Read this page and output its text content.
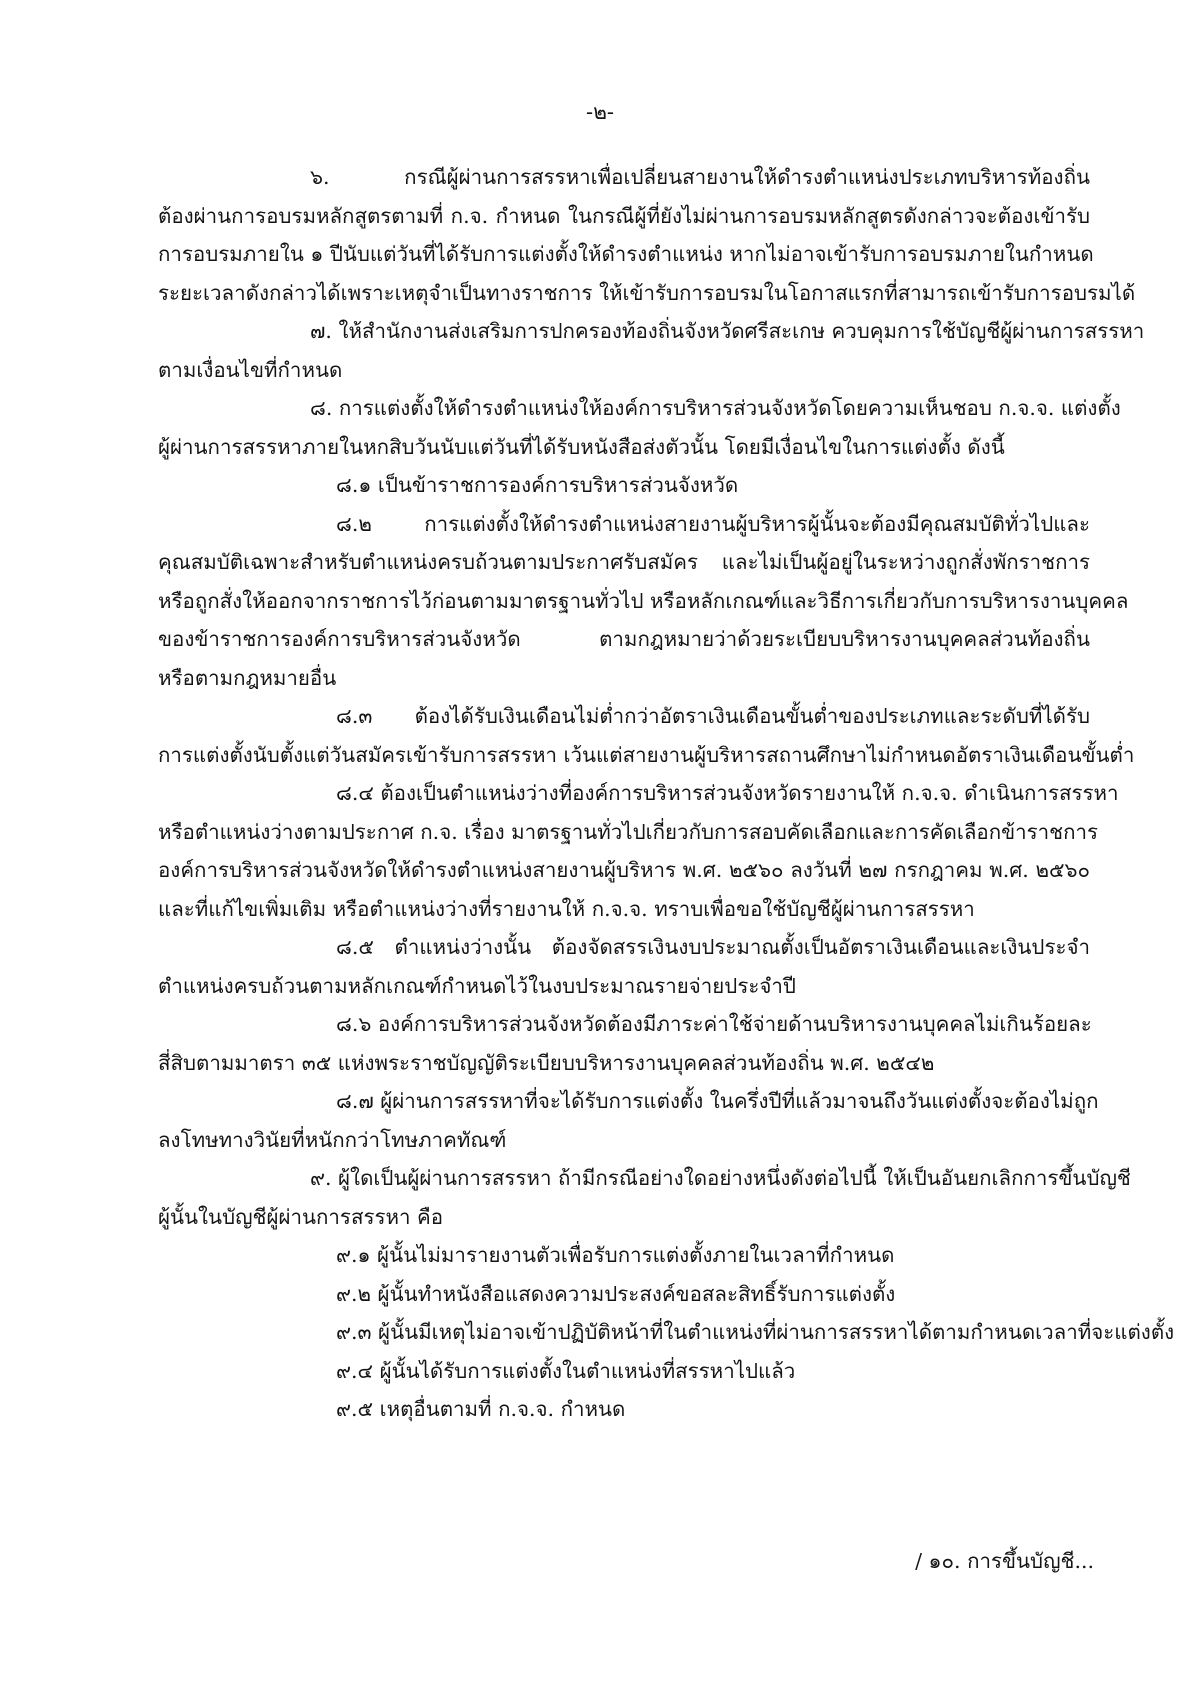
-๒-
๖. กรณีผู้ผ่านการสรรหาเพื่อเปลี่ยนสายงานให้ดำรงตำแหน่งประเภทบริหารท้องถิ่น
ต้องผ่านการอบรมหลักสูตรตามที่ ก.จ. กำหนด ในกรณีผู้ที่ยังไม่ผ่านการอบรมหลักสูตรดังกล่าวจะต้องเข้ารับ
การอบรมภายใน ๑ ปีนับแต่วันที่ได้รับการแต่งตั้งให้ดำรงตำแหน่ง หากไม่อาจเข้ารับการอบรมภายในกำหนด
ระยะเวลาดังกล่าวได้เพราะเหตุจำเป็นทางราชการ ให้เข้ารับการอบรมในโอกาสแรกที่สามารถเข้ารับการอบรมได้
๗. ให้สำนักงานส่งเสริมการปกครองท้องถิ่นจังหวัดศรีสะเกษ ควบคุมการใช้บัญชีผู้ผ่านการสรรหา
ตามเงื่อนไขที่กำหนด
๘. การแต่งตั้งให้ดำรงตำแหน่งให้องค์การบริหารส่วนจังหวัดโดยความเห็นชอบ ก.จ.จ. แต่งตั้ง
ผู้ผ่านการสรรหาภายในหกสิบวันนับแต่วันที่ได้รับหนังสือส่งตัวนั้น โดยมีเงื่อนไขในการแต่งตั้ง ดังนี้
๘.๑ เป็นข้าราชการองค์การบริหารส่วนจังหวัด
๘.๒ การแต่งตั้งให้ดำรงตำแหน่งสายงานผู้บริหารผู้นั้นจะต้องมีคุณสมบัติทั่วไปและ
คุณสมบัติเฉพาะสำหรับตำแหน่งครบถ้วนตามประกาศรับสมัคร และไม่เป็นผู้อยู่ในระหว่างถูกสั่งพักราชการ
หรือถูกสั่งให้ออกจากราชการไว้ก่อนตามมาตรฐานทั่วไป หรือหลักเกณฑ์และวิธีการเกี่ยวกับการบริหารงานบุคคล
ของข้าราชการองค์การบริหารส่วนจังหวัด ตามกฎหมายว่าด้วยระเบียบบริหารงานบุคคลส่วนท้องถิ่น
หรือตามกฎหมายอื่น
๘.๓ ต้องได้รับเงินเดือนไม่ต่ำกว่าอัตราเงินเดือนขั้นต่ำของประเภทและระดับที่ได้รับ
การแต่งตั้งนับตั้งแต่วันสมัครเข้ารับการสรรหา เว้นแต่สายงานผู้บริหารสถานศึกษาไม่กำหนดอัตราเงินเดือนขั้นต่ำ
๘.๔ ต้องเป็นตำแหน่งว่างที่องค์การบริหารส่วนจังหวัดรายงานให้ ก.จ.จ. ดำเนินการสรรหา
หรือตำแหน่งว่างตามประกาศ ก.จ. เรื่อง มาตรฐานทั่วไปเกี่ยวกับการสอบคัดเลือกและการคัดเลือกข้าราชการ
องค์การบริหารส่วนจังหวัดให้ดำรงตำแหน่งสายงานผู้บริหาร พ.ศ. ๒๕๖๐ ลงวันที่ ๒๗ กรกฎาคม พ.ศ. ๒๕๖๐
และที่แก้ไขเพิ่มเติม หรือตำแหน่งว่างที่รายงานให้ ก.จ.จ. ทราบเพื่อขอใช้บัญชีผู้ผ่านการสรรหา
๘.๕ ตำแหน่งว่างนั้น ต้องจัดสรรเงินงบประมาณตั้งเป็นอัตราเงินเดือนและเงินประจำ
ตำแหน่งครบถ้วนตามหลักเกณฑ์กำหนดไว้ในงบประมาณรายจ่ายประจำปี
๘.๖ องค์การบริหารส่วนจังหวัดต้องมีภาระค่าใช้จ่ายด้านบริหารงานบุคคลไม่เกินร้อยละ
สี่สิบตามมาตรา ๓๕ แห่งพระราชบัญญัติระเบียบบริหารงานบุคคลส่วนท้องถิ่น พ.ศ. ๒๕๔๒
๘.๗ ผู้ผ่านการสรรหาที่จะได้รับการแต่งตั้ง ในครึ่งปีที่แล้วมาจนถึงวันแต่งตั้งจะต้องไม่ถูก
ลงโทษทางวินัยที่หนักกว่าโทษภาคทัณฑ์
๙. ผู้ใดเป็นผู้ผ่านการสรรหา ถ้ามีกรณีอย่างใดอย่างหนึ่งดังต่อไปนี้ ให้เป็นอันยกเลิกการขึ้นบัญชี
ผู้นั้นในบัญชีผู้ผ่านการสรรหา คือ
๙.๑ ผู้นั้นไม่มารายงานตัวเพื่อรับการแต่งตั้งภายในเวลาที่กำหนด
๙.๒ ผู้นั้นทำหนังสือแสดงความประสงค์ขอสละสิทธิ์รับการแต่งตั้ง
๙.๓ ผู้นั้นมีเหตุไม่อาจเข้าปฏิบัติหน้าที่ในตำแหน่งที่ผ่านการสรรหาได้ตามกำหนดเวลาที่จะแต่งตั้ง
๙.๔ ผู้นั้นได้รับการแต่งตั้งในตำแหน่งที่สรรหาไปแล้ว
๙.๕ เหตุอื่นตามที่ ก.จ.จ. กำหนด
/ ๑๐. การขึ้นบัญชี...
